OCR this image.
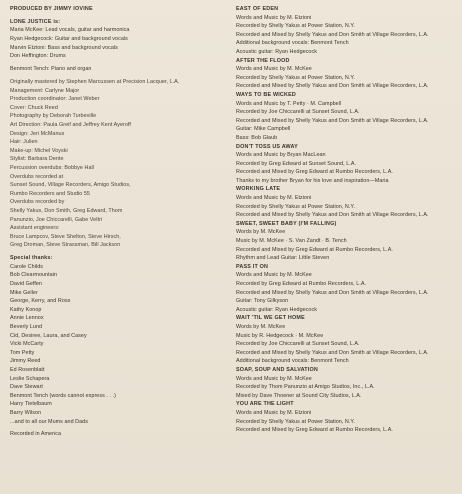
PRODUCED BY JIMMY IOVINE
LONE JUSTICE is:
Maria McKee: Lead vocals, guitar and harmonica
Ryan Hedgecock: Guitar and background vocals
Marvin Etzioni: Bass and background vocals
Don Heffington: Drums
Benmont Tench: Piano and organ
Originally mastered by Stephen Marcussen at Precision Lacquer, L.A.
Management: Carlyne Major
Production coordinator: Janet Weber
Cover: Chuck Reed
Photography by Deborah Turbeville
Art Direction: Paula Greif and Jeffrey Kent Ayeroff
Design: Jeri McManus
Hair: Julien
Make-up: Michel Voyski
Stylist: Barbara Dente
Percussion overdubs: Bobbye Hall
Overdubs recorded at
Sunset Sound, Village Recorders, Amigo Studios,
Rumbo Recorders and Studio 55
Overdubs recorded by
Shelly Yakus, Don Smith, Greg Edward, Thom
Panunzio, Joe Chiccarelli, Gabe Veltri
Assistant engineers:
Bruce Lampcov, Steve Shelton, Steve Hirsch,
Greg Droman, Steve Strassman, Bill Jackson
Special thanks:
Carole Childs
Bob Clearmountain
David Geffen
Mike Geller
George, Kerry, and Ross
Kathy Konop
Annie Lennox
Beverly Lund
Cid, Desiree, Laura, and Casey
Vicki McCarty
Tom Petty
Jimmy Reed
Ed Rosenblatt
Leslie Schapera
Dave Stewart
Benmont Tench (words cannot express . . .)
Harry Tietelbaum
Barry Wilson
...and to all our Mums and Dads
Recorded in America
EAST OF EDEN
Words and Music by M. Etzioni
Recorded by Shelly Yakus at Power Station, N.Y.
Recorded and Mixed by Shelly Yakus and Don Smith at Village Recorders, L.A.
Additional background vocals: Benmont Tench
Acoustic guitar: Ryan Hedgecock
AFTER THE FLOOD
Words and Music by M. McKee
Recorded by Shelly Yakus at Power Station, N.Y.
Recorded and Mixed by Shelly Yakus and Don Smith at Village Recorders, L.A.
WAYS TO BE WICKED
Words and Music by T. Petty · M. Campbell
Recorded by Joe Chiccarelli at Sunset Sound, L.A.
Recorded and Mixed by Shelly Yakus and Don Smith at Village Recorders, L.A.
Guitar: Mike Campbell
Bass: Bob Glaub
DON'T TOSS US AWAY
Words and Music by Bryan MacLean
Recorded by Greg Edward at Sunset Sound, L.A.
Recorded and Mixed by Greg Edward at Rumbo Recorders, L.A.
Thanks to my brother Bryan for his love and inspiration—Maria
WORKING LATE
Words and Music by M. Etzioni
Recorded by Shelly Yakus at Power Station, N.Y.
Recorded and Mixed by Shelly Yakus and Don Smith at Village Recorders, L.A.
SWEET, SWEET BABY (I'M FALLING)
Words by M. McKee
Music by M. McKee · S. Van Zandt · B. Tench
Recorded and Mixed by Greg Edward at Rumbo Recorders, L.A.
Rhythm and Lead Guitar: Little Steven
PASS IT ON
Words and Music by M. McKee
Recorded by Greg Edward at Rumbo Recorders, L.A.
Recorded and Mixed by Shelly Yakus and Don Smith at Village Recorders, L.A.
Guitar: Tony Gilkyson
Acoustic guitar: Ryan Hedgecock
WAIT 'TIL WE GET HOME
Words by M. McKee
Music by R. Hedgecock · M. McKee
Recorded by Joe Chiccarelli at Sunset Sound, L.A.
Recorded and Mixed by Shelly Yakus and Don Smith at Village Recorders, L.A.
Additional background vocals: Benmont Tench
SOAP, SOUP AND SALVATION
Words and Music by M. McKee
Recorded by Thom Panunzio at Amigo Studios, Inc., L.A.
Mixed by Dave Thoener at Sound City Studios, L.A.
YOU ARE THE LIGHT
Words and Music by M. Etzioni
Recorded by Shelly Yakus at Power Station, N.Y.
Recorded and Mixed by Greg Edward at Rumbo Recorders, L.A.
